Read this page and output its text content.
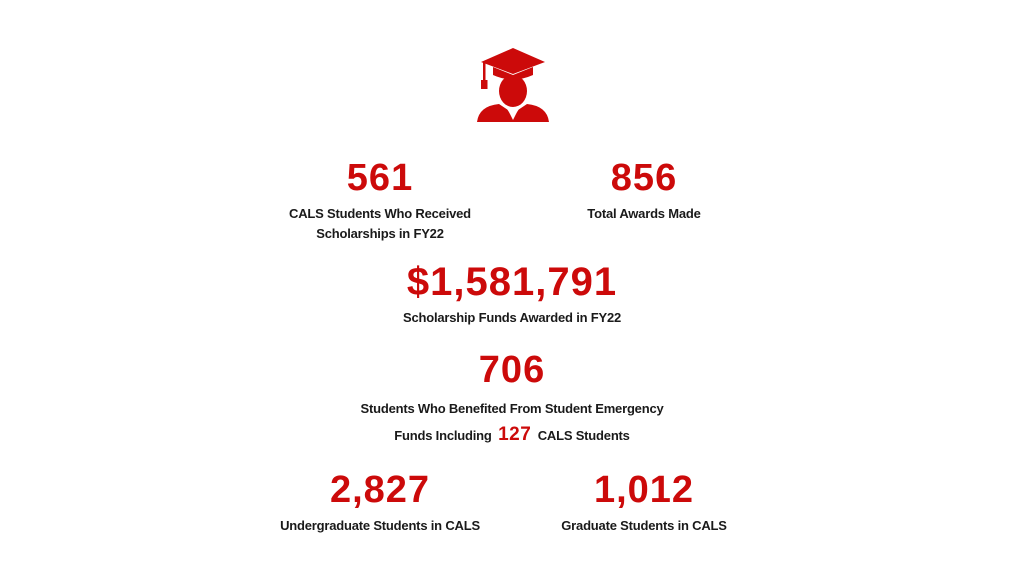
561
CALS Students Who Received
Scholarships in FY22
856
Total Awards Made
$1,581,791
Scholarship Funds Awarded in FY22
706
Students Who Benefited From Student Emergency
Funds Including 127 CALS Students
2,827
Undergraduate Students in CALS
1,012
Graduate Students in CALS
